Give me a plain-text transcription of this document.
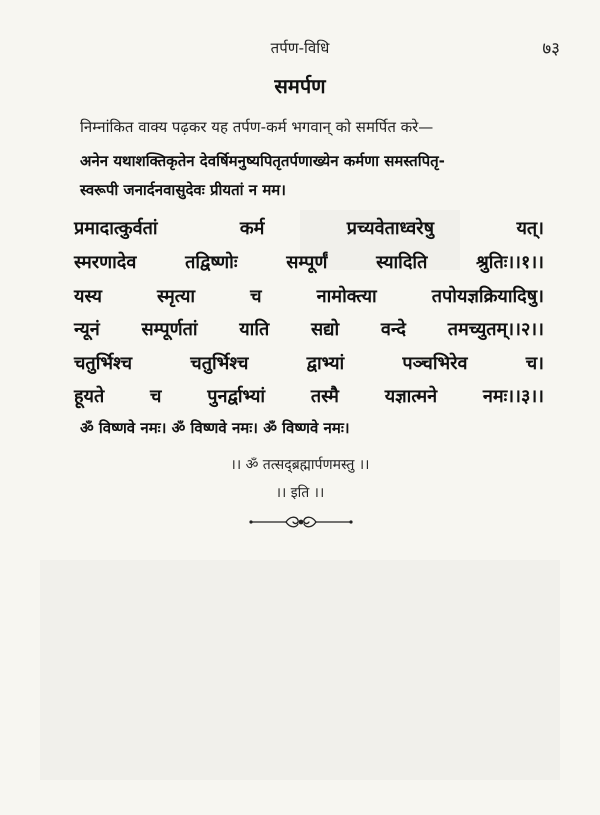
तर्पण-विधि	७३
समर्पण
निम्नांकित वाक्य पढ़कर यह तर्पण-कर्म भगवान् को समर्पित करे—
अनेन यथाशक्तिकृतेन देवर्षिमनुष्यपितृतर्पणाख्येन कर्मणा समस्तपितृ-
स्वरूपी जनार्दनवासुदेवः प्रीयतां न मम।
प्रमादात्कुर्वतां	कर्म	प्रच्यवेताध्वरेषु	यत्।
स्मरणादेव	तद्विष्णोः	सम्पूर्णं	स्यादिति	श्रुतिः।।१।।
यस्य	स्मृत्या	च	नामोक्त्या	तपोयज्ञक्रियादिषु।
न्यूनं सम्पूर्णतां याति सद्यो वन्दे तमच्युतम्।।२।।
चतुर्भिश्च	चतुर्भिश्च	द्वाभ्यां	पञ्चभिरेव	च।
हूयते	च	पुनर्द्वाभ्यां	तस्मै	यज्ञात्मने	नमः।।३।।
ॐ विष्णवे नमः। ॐ विष्णवे नमः। ॐ विष्णवे नमः।
।। ॐ तत्सद्ब्रह्मार्पणमस्तु ।।
।। इति ।।
